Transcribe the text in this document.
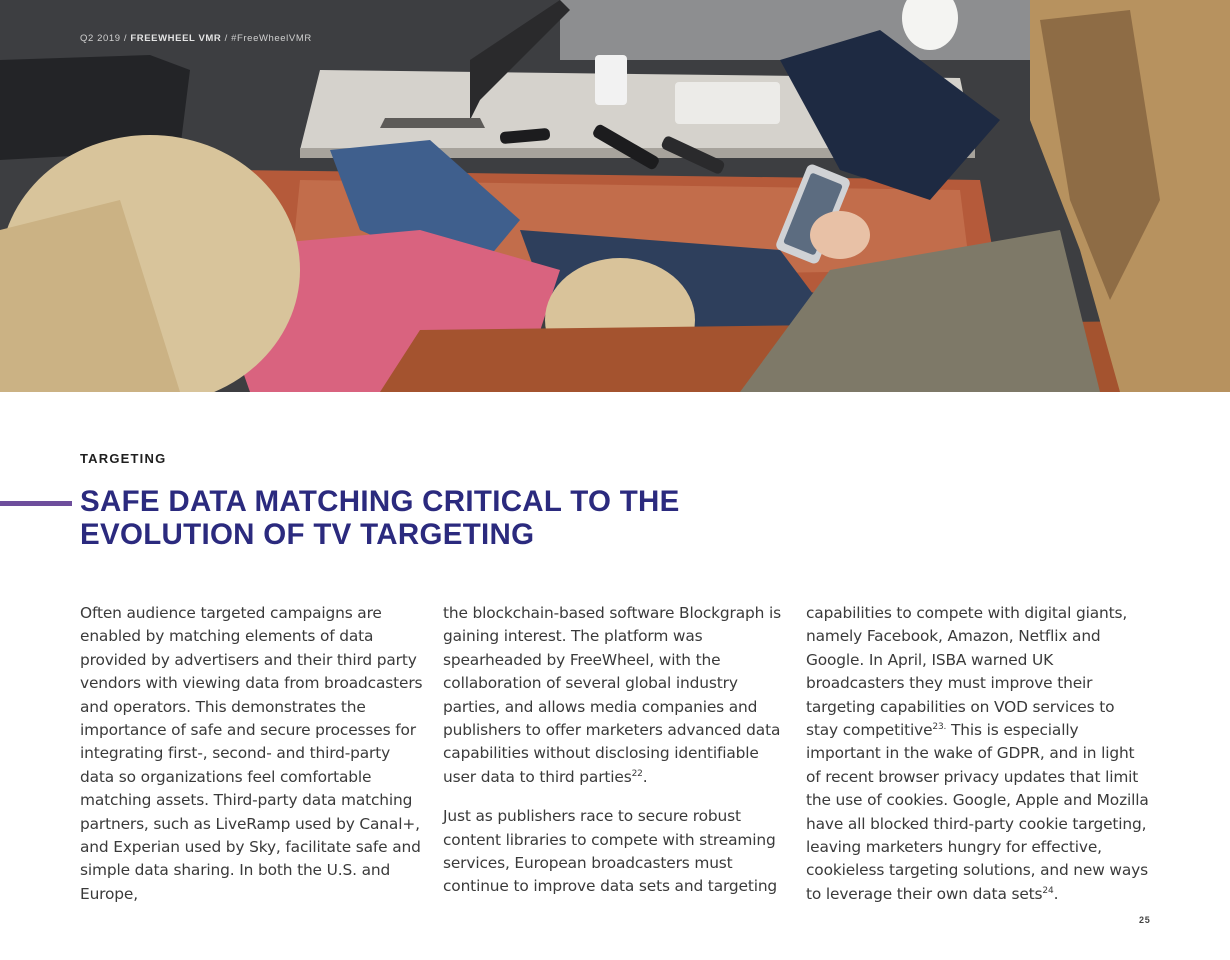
Q2 2019 / FREEWHEEL VMR / #FreeWheelVMR
TARGETING
SAFE DATA MATCHING CRITICAL TO THE
EVOLUTION OF TV TARGETING

Often audience targeted campaigns are enabled by matching elements of data provided by advertisers and their third party vendors with viewing data from broadcasters and operators. This demonstrates the importance of safe and secure processes for integrating first-, second- and third-party data so organizations feel comfortable matching assets. Third-party data matching partners, such as LiveRamp used by Canal+, and Experian used by Sky, facilitate safe and simple data sharing. In both the U.S. and Europe,

the blockchain-based software Blockgraph is gaining interest. The platform was spearheaded by FreeWheel, with the collaboration of several global industry parties, and allows media companies and publishers to offer marketers advanced data capabilities without disclosing identifiable user data to third parties$^{22}$.

Just as publishers race to secure robust content libraries to compete with streaming services, European broadcasters must continue to improve data sets and targeting

capabilities to compete with digital giants, namely Facebook, Amazon, Netflix and Google. In April, ISBA warned UK broadcasters they must improve their targeting capabilities on VOD services to stay competitive$^{23.}$ This is especially important in the wake of GDPR, and in light of recent browser privacy updates that limit the use of cookies. Google, Apple and Mozilla have all blocked third-party cookie targeting, leaving marketers hungry for effective, cookieless targeting solutions, and new ways to leverage their own data sets$^{24}$.

25
